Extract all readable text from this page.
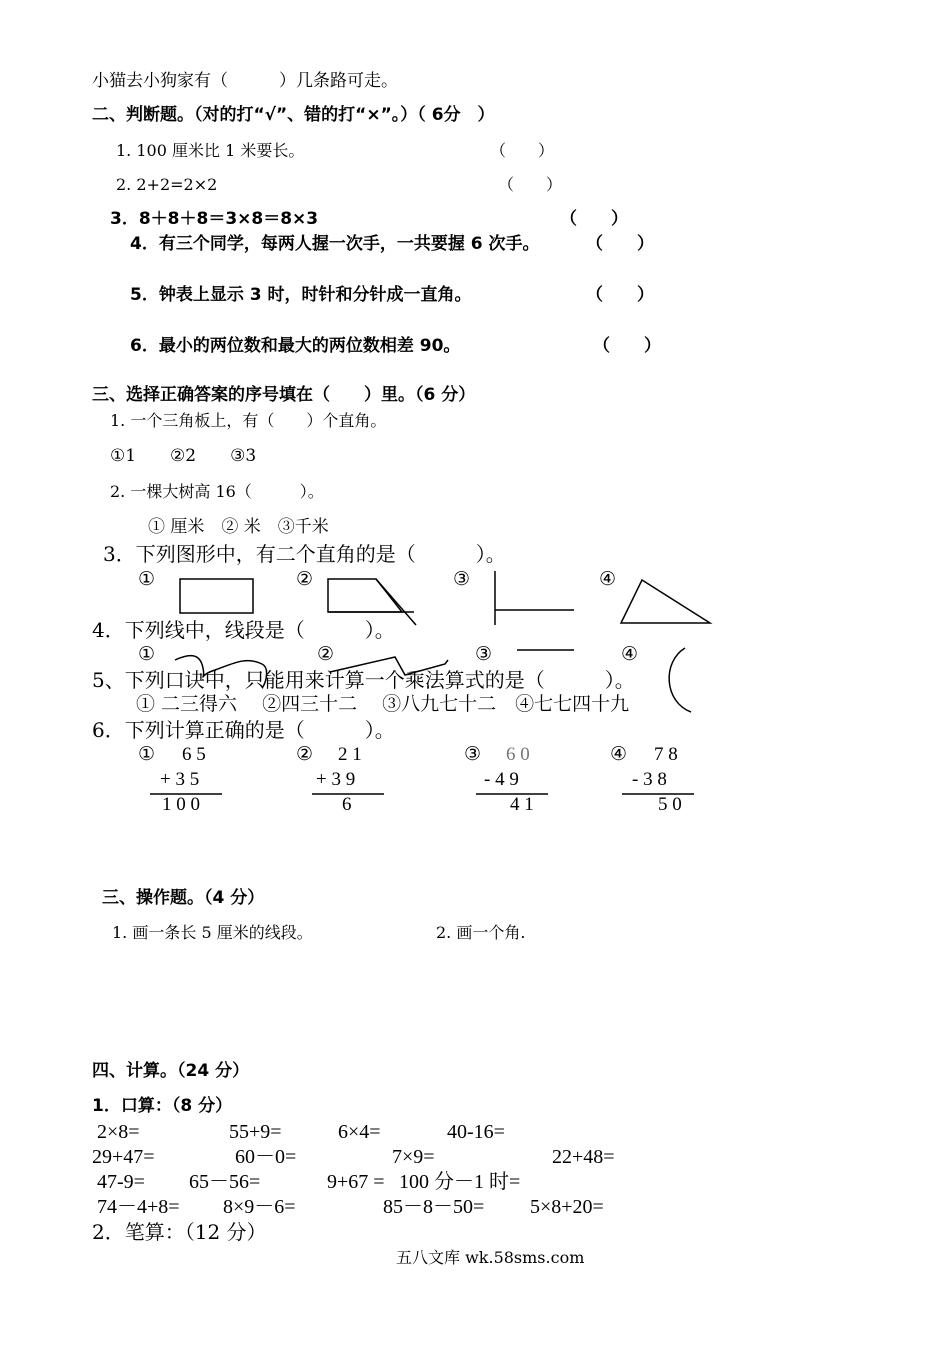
小猫去小狗家有（　　　）几条路可走。
二、判断题。（对的打“√”、错的打“×”。）（ 6分　）
1. 100 厘米比 1 米要长。	（　　）
2. 2+2=2×2	（　　）
3．8＋8＋8＝3×8＝8×3	（　　）
4．有三个同学，每两人握一次手，一共要握 6 次手。	（　　）
5．钟表上显示 3 时，时针和分针成一直角。	（　　）
6．最小的两位数和最大的两位数相差 90。	（　　）
三、选择正确答案的序号填在（　　）里。（6 分）
1. 一个三角板上，有（　　）个直角。
①1　　②2　　③3
2. 一棵大树高 16（　　　）。
① 厘米　② 米　③千米
3．下列图形中，有二个直角的是（　　　）。
①	②	③	④
4．下列线中，线段是（　　　）。
①	②	③	④
5、下列口诀中，只能用来计算一个乘法算式的是（　　　）。
① 二三得六　 ②四三十二　 ③八九七十二　④七七四十九
6．下列计算正确的是（　　　）。
① 6 5
+ 3 5
1 0 0
② 2 1
+ 3 9
6
③ 6 0
- 4 9
4 1
④ 7 8
- 3 8
5 0
三、操作题。（4 分）
1. 画一条长 5 厘米的线段。	2. 画一个角.
四、计算。（24 分）
1．口算：（8 分）
2×8=	55+9=	6×4=	40-16=
29+47=	60－0=	7×9=	22+48=
47-9= 65－56=	9+67 = 100 分－1 时=
74－4+8= 8×9－6=	85－8－50= 5×8+20=
2．笔算：（12 分）
五八文库 wk.58sms.com
